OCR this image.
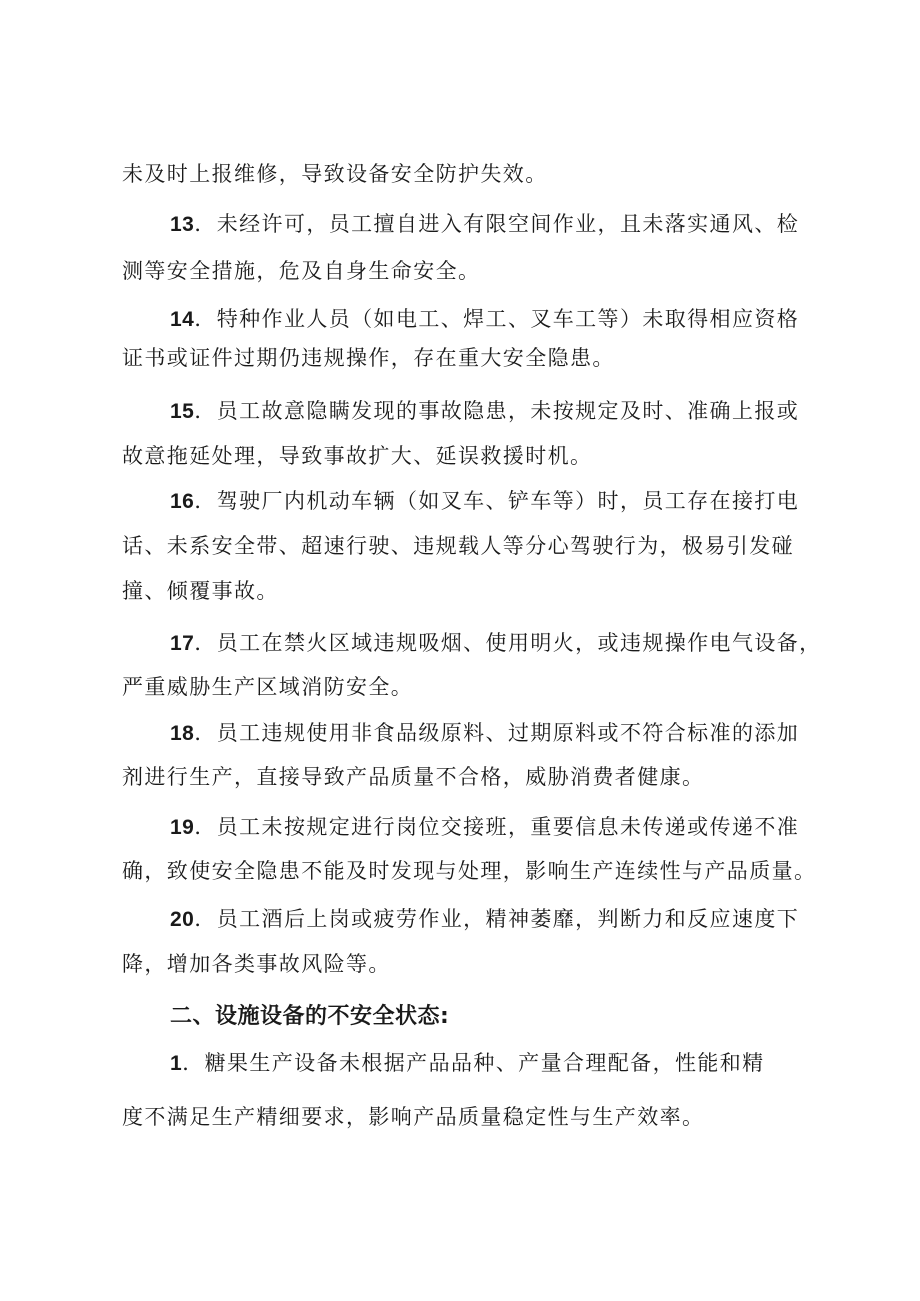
未及时上报维修，导致设备安全防护失效。
13．未经许可，员工擅自进入有限空间作业，且未落实通风、检
测等安全措施，危及自身生命安全。
14．特种作业人员（如电工、焊工、叉车工等）未取得相应资格
证书或证件过期仍违规操作，存在重大安全隐患。
15．员工故意隐瞒发现的事故隐患，未按规定及时、准确上报或
故意拖延处理，导致事故扩大、延误救援时机。
16．驾驶厂内机动车辆（如叉车、铲车等）时，员工存在接打电
话、未系安全带、超速行驶、违规载人等分心驾驶行为，极易引发碰
撞、倾覆事故。
17．员工在禁火区域违规吸烟、使用明火，或违规操作电气设备，
严重威胁生产区域消防安全。
18．员工违规使用非食品级原料、过期原料或不符合标准的添加
剂进行生产，直接导致产品质量不合格，威胁消费者健康。
19．员工未按规定进行岗位交接班，重要信息未传递或传递不准
确，致使安全隐患不能及时发现与处理，影响生产连续性与产品质量。
20．员工酒后上岗或疲劳作业，精神萎靡，判断力和反应速度下
降，增加各类事故风险等。
二、设施设备的不安全状态:
1．糖果生产设备未根据产品品种、产量合理配备，性能和精
度不满足生产精细要求，影响产品质量稳定性与生产效率。
